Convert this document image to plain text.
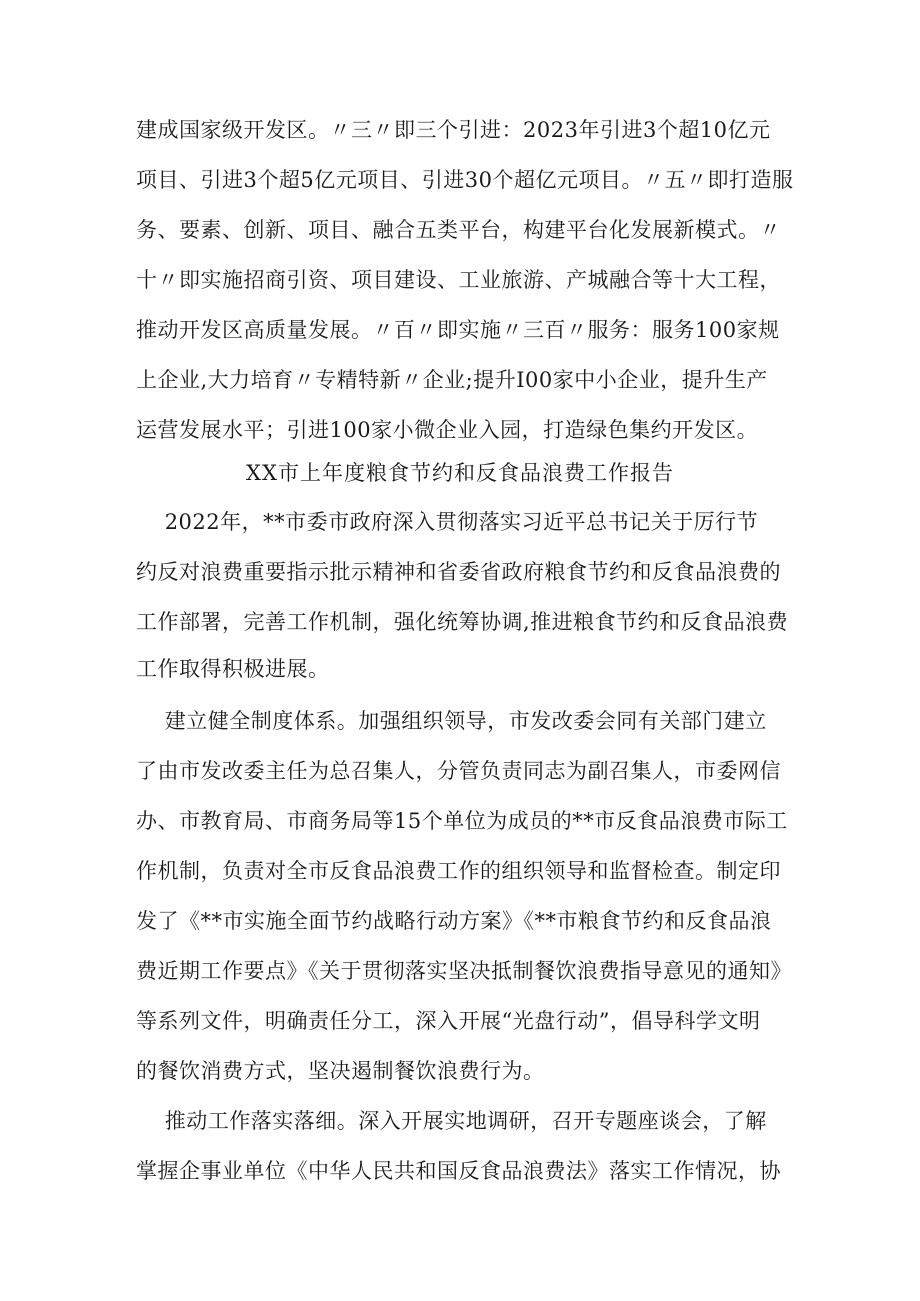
建成国家级开发区。〃三〃即三个引进：2023年引进3个超10亿元
项目、引进3个超5亿元项目、引进30个超亿元项目。〃五〃即打造服
务、要素、创新、项目、融合五类平台，构建平台化发展新模式。〃
十〃即实施招商引资、项目建设、工业旅游、产城融合等十大工程，
推动开发区高质量发展。〃百〃即实施〃三百〃服务：服务100家规
上企业,大力培育〃专精特新〃企业;提升I00家中小企业，提升生产
运营发展水平；引进100家小微企业入园，打造绿色集约开发区。
XX市上年度粮食节约和反食品浪费工作报告
2022年，**市委市政府深入贯彻落实习近平总书记关于厉行节
约反对浪费重要指示批示精神和省委省政府粮食节约和反食品浪费的
工作部署，完善工作机制，强化统筹协调,推进粮食节约和反食品浪费
工作取得积极进展。
建立健全制度体系。加强组织领导，市发改委会同有关部门建立
了由市发改委主任为总召集人，分管负责同志为副召集人，市委网信
办、市教育局、市商务局等15个单位为成员的**市反食品浪费市际工
作机制，负责对全市反食品浪费工作的组织领导和监督检查。制定印
发了《**市实施全面节约战略行动方案》《**市粮食节约和反食品浪
费近期工作要点》《关于贯彻落实坚决抵制餐饮浪费指导意见的通知》
等系列文件，明确责任分工，深入开展“光盘行动”，倡导科学文明
的餐饮消费方式，坚决遏制餐饮浪费行为。
推动工作落实落细。深入开展实地调研，召开专题座谈会，了解
掌握企事业单位《中华人民共和国反食品浪费法》落实工作情况，协
